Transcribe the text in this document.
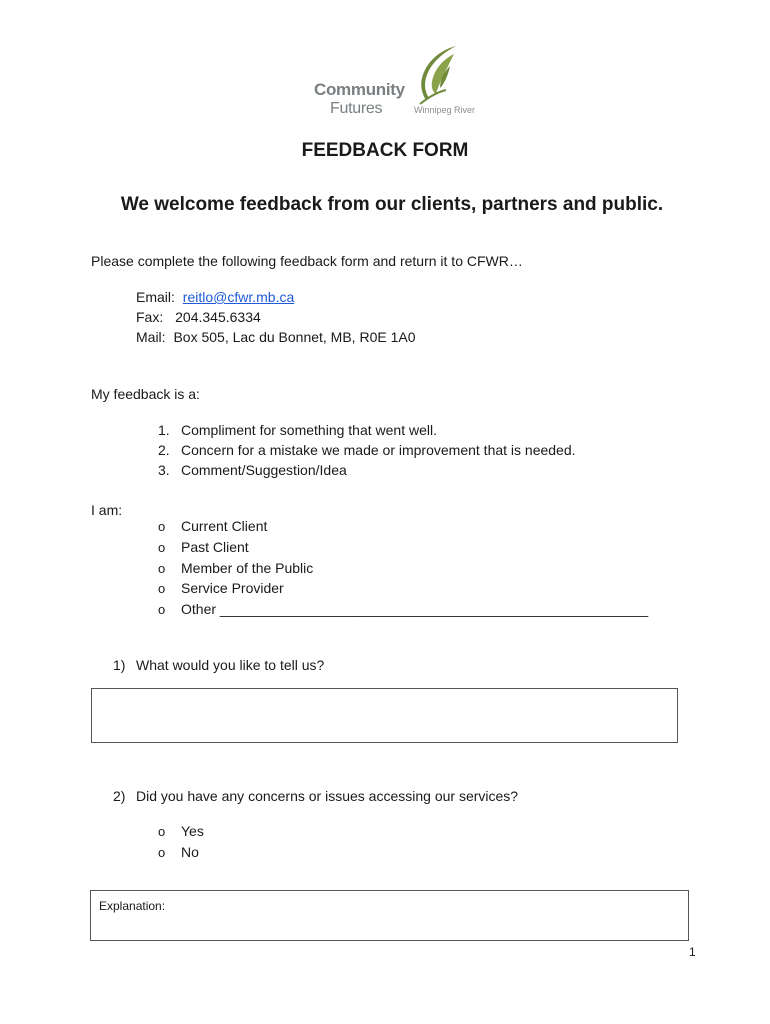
Community
Futures	Winnipeg River
FEEDBACK FORM
We welcome feedback from our clients, partners and public.
Please complete the following feedback form and return it to CFWR…
Email: reitlo@cfwr.mb.ca
Fax: 204.345.6334
Mail: Box 505, Lac du Bonnet, MB, R0E 1A0
My feedback is a:
1. Compliment for something that went well.
2. Concern for a mistake we made or improvement that is needed.
3. Comment/Suggestion/Idea
I am:
o Current Client
o Past Client
o Member of the Public
o Service Provider
o Other _______________________________________________________
1) What would you like to tell us?
2) Did you have any concerns or issues accessing our services?
o Yes
o No
Explanation:
1
